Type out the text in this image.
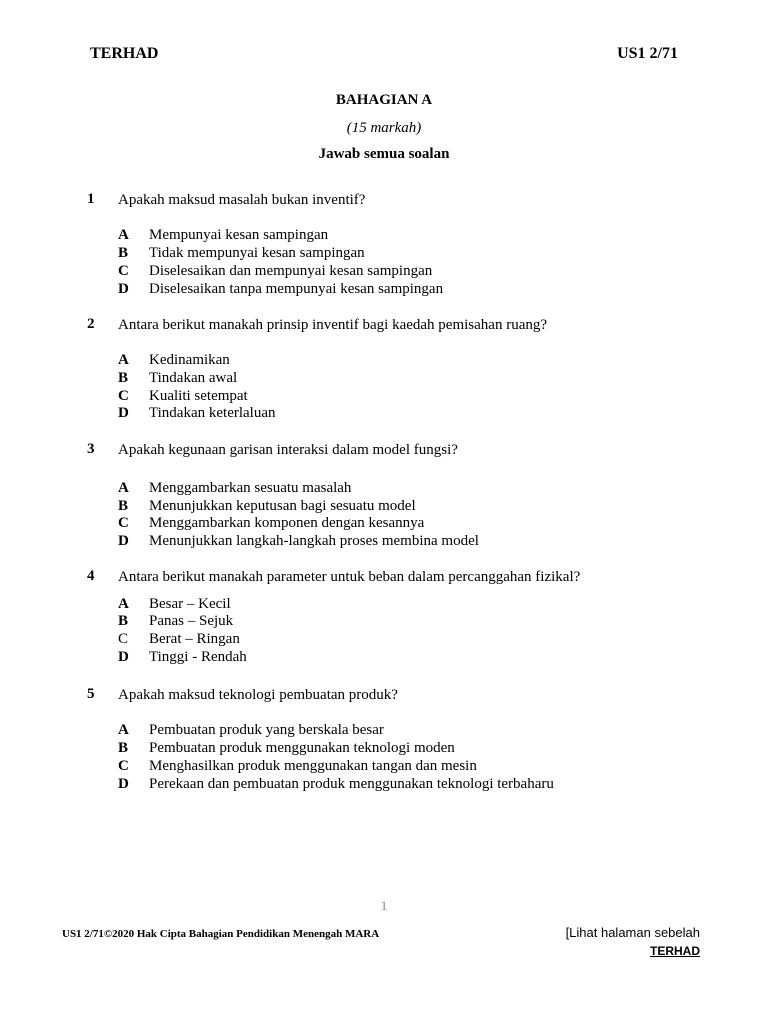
TERHAD	US1 2/71
BAHAGIAN A
(15 markah)
Jawab semua soalan
1 Apakah maksud masalah bukan inventif?
A Mempunyai kesan sampingan
B Tidak mempunyai kesan sampingan
C Diselesaikan dan mempunyai kesan sampingan
D Diselesaikan tanpa mempunyai kesan sampingan
2 Antara berikut manakah prinsip inventif bagi kaedah pemisahan ruang?
A Kedinamikan
B Tindakan awal
C Kualiti setempat
D Tindakan keterlaluan
3 Apakah kegunaan garisan interaksi dalam model fungsi?
A Menggambarkan sesuatu masalah
B Menunjukkan keputusan bagi sesuatu model
C Menggambarkan komponen dengan kesannya
D Menunjukkan langkah-langkah proses membina model
4 Antara berikut manakah parameter untuk beban dalam percanggahan fizikal?
A Besar – Kecil
B Panas – Sejuk
C Berat – Ringan
D Tinggi - Rendah
5 Apakah maksud teknologi pembuatan produk?
A Pembuatan produk yang berskala besar
B Pembuatan produk menggunakan teknologi moden
C Menghasilkan produk menggunakan tangan dan mesin
D Perekaan dan pembuatan produk menggunakan teknologi terbaharu
1
US1 2/71©2020 Hak Cipta Bahagian Pendidikan Menengah MARA	[Lihat halaman sebelah
TERHAD
